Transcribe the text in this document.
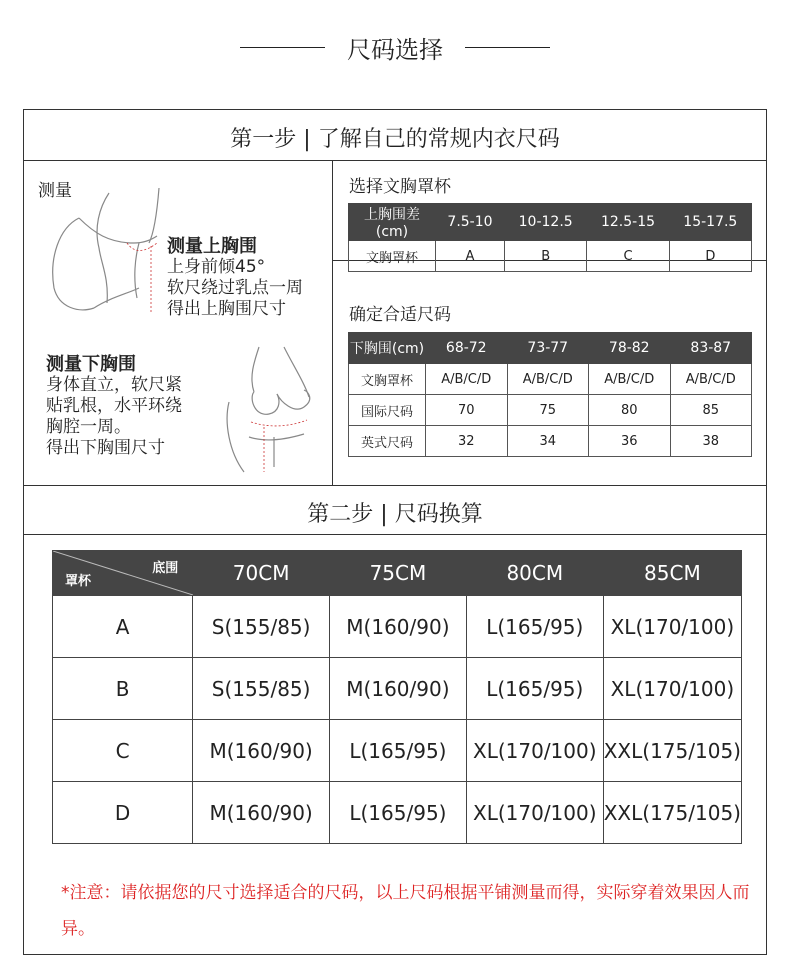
尺码选择
第一步 | 了解自己的常规内衣尺码
测量
测量上胸围
上身前倾45°
软尺绕过乳点一周
得出上胸围尺寸
测量下胸围
身体直立，软尺紧
贴乳根，水平环绕
胸腔一周。
得出下胸围尺寸
选择文胸罩杯
上胸围差(cm)	7.5-10	10-12.5	12.5-15	15-17.5
文胸罩杯	A	B	C	D
确定合适尺码
下胸围(cm)	68-72	73-77	78-82	83-87
文胸罩杯	A/B/C/D	A/B/C/D	A/B/C/D	A/B/C/D
国际尺码	70	75	80	85
英式尺码	32	34	36	38
第二步 | 尺码换算
底围
罩杯	70CM	75CM	80CM	85CM
A	S(155/85)	M(160/90)	L(165/95)	XL(170/100)
B	S(155/85)	M(160/90)	L(165/95)	XL(170/100)
C	M(160/90)	L(165/95)	XL(170/100)	XXL(175/105)
D	M(160/90)	L(165/95)	XL(170/100)	XXL(175/105)
*注意：请依据您的尺寸选择适合的尺码，以上尺码根据平铺测量而得，实际穿着效果因人而异。
